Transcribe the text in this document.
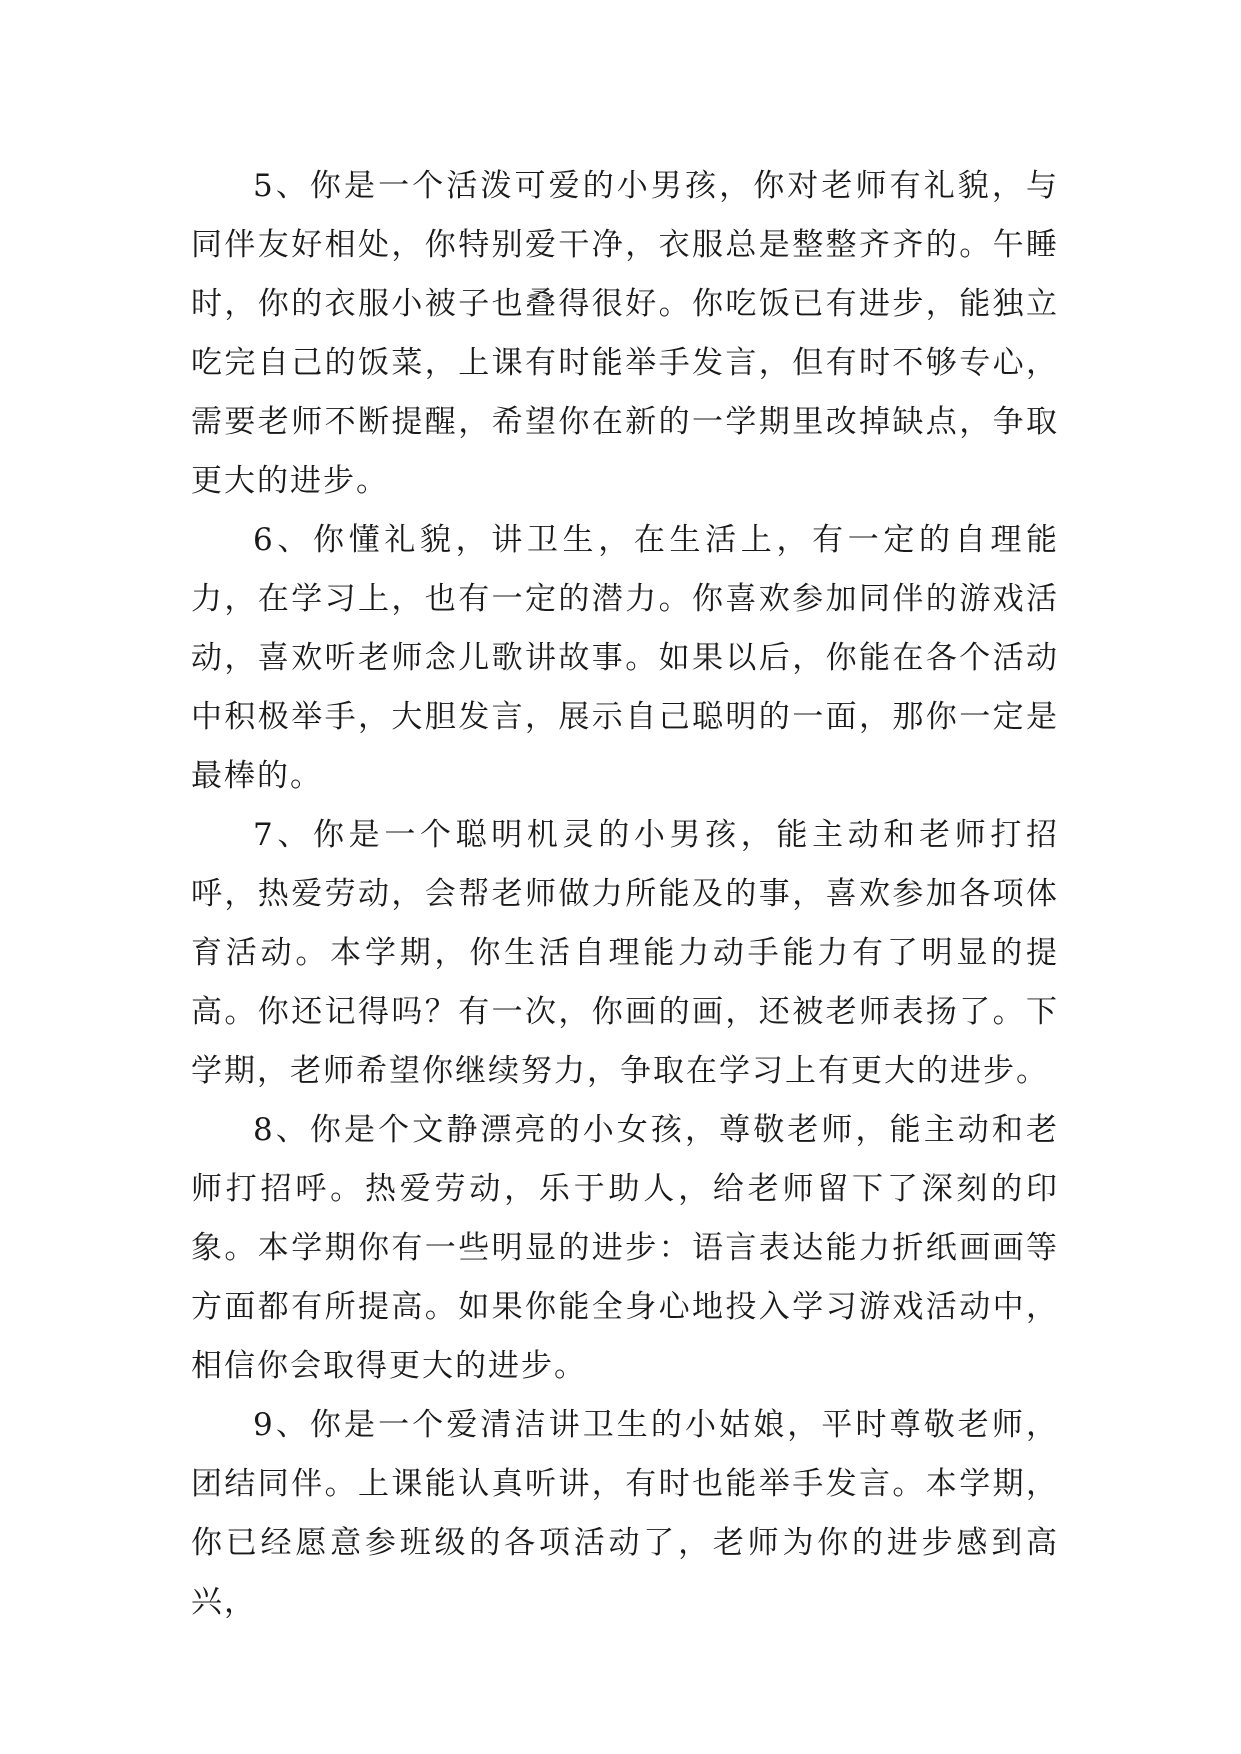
5、你是一个活泼可爱的小男孩，你对老师有礼貌，与同伴友好相处，你特别爱干净，衣服总是整整齐齐的。午睡时，你的衣服小被子也叠得很好。你吃饭已有进步，能独立吃完自己的饭菜，上课有时能举手发言，但有时不够专心，需要老师不断提醒，希望你在新的一学期里改掉缺点，争取更大的进步。

6、你懂礼貌，讲卫生，在生活上，有一定的自理能力，在学习上，也有一定的潜力。你喜欢参加同伴的游戏活动，喜欢听老师念儿歌讲故事。如果以后，你能在各个活动中积极举手，大胆发言，展示自己聪明的一面，那你一定是最棒的。

7、你是一个聪明机灵的小男孩，能主动和老师打招呼，热爱劳动，会帮老师做力所能及的事，喜欢参加各项体育活动。本学期，你生活自理能力动手能力有了明显的提高。你还记得吗？有一次，你画的画，还被老师表扬了。下学期，老师希望你继续努力，争取在学习上有更大的进步。

8、你是个文静漂亮的小女孩，尊敬老师，能主动和老师打招呼。热爱劳动，乐于助人，给老师留下了深刻的印象。本学期你有一些明显的进步：语言表达能力折纸画画等方面都有所提高。如果你能全身心地投入学习游戏活动中，相信你会取得更大的进步。

9、你是一个爱清洁讲卫生的小姑娘，平时尊敬老师，团结同伴。上课能认真听讲，有时也能举手发言。本学期，你已经愿意参班级的各项活动了，老师为你的进步感到高兴，
